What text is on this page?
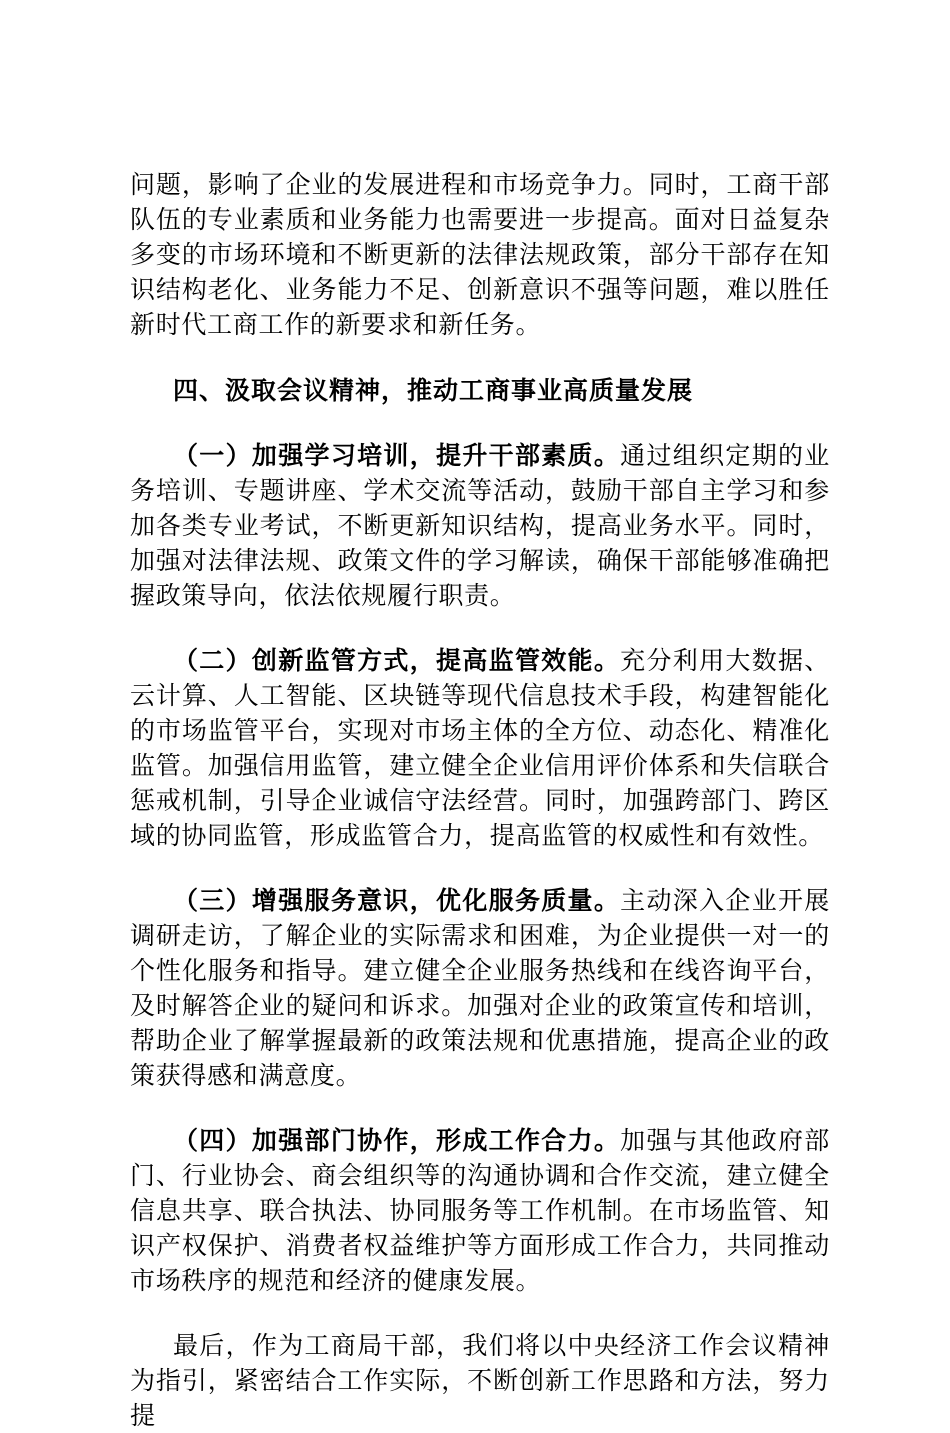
问题，影响了企业的发展进程和市场竞争力。同时，工商干部队伍的专业素质和业务能力也需要进一步提高。面对日益复杂多变的市场环境和不断更新的法律法规政策，部分干部存在知识结构老化、业务能力不足、创新意识不强等问题，难以胜任新时代工商工作的新要求和新任务。

四、汲取会议精神，推动工商事业高质量发展

（一）加强学习培训，提升干部素质。通过组织定期的业务培训、专题讲座、学术交流等活动，鼓励干部自主学习和参加各类专业考试，不断更新知识结构，提高业务水平。同时，加强对法律法规、政策文件的学习解读，确保干部能够准确把握政策导向，依法依规履行职责。

（二）创新监管方式，提高监管效能。充分利用大数据、云计算、人工智能、区块链等现代信息技术手段，构建智能化的市场监管平台，实现对市场主体的全方位、动态化、精准化监管。加强信用监管，建立健全企业信用评价体系和失信联合惩戒机制，引导企业诚信守法经营。同时，加强跨部门、跨区域的协同监管，形成监管合力，提高监管的权威性和有效性。

（三）增强服务意识，优化服务质量。主动深入企业开展调研走访，了解企业的实际需求和困难，为企业提供一对一的个性化服务和指导。建立健全企业服务热线和在线咨询平台，及时解答企业的疑问和诉求。加强对企业的政策宣传和培训，帮助企业了解掌握最新的政策法规和优惠措施，提高企业的政策获得感和满意度。

（四）加强部门协作，形成工作合力。加强与其他政府部门、行业协会、商会组织等的沟通协调和合作交流，建立健全信息共享、联合执法、协同服务等工作机制。在市场监管、知识产权保护、消费者权益维护等方面形成工作合力，共同推动市场秩序的规范和经济的健康发展。

最后，作为工商局干部，我们将以中央经济工作会议精神为指引，紧密结合工作实际，不断创新工作思路和方法，努力提
